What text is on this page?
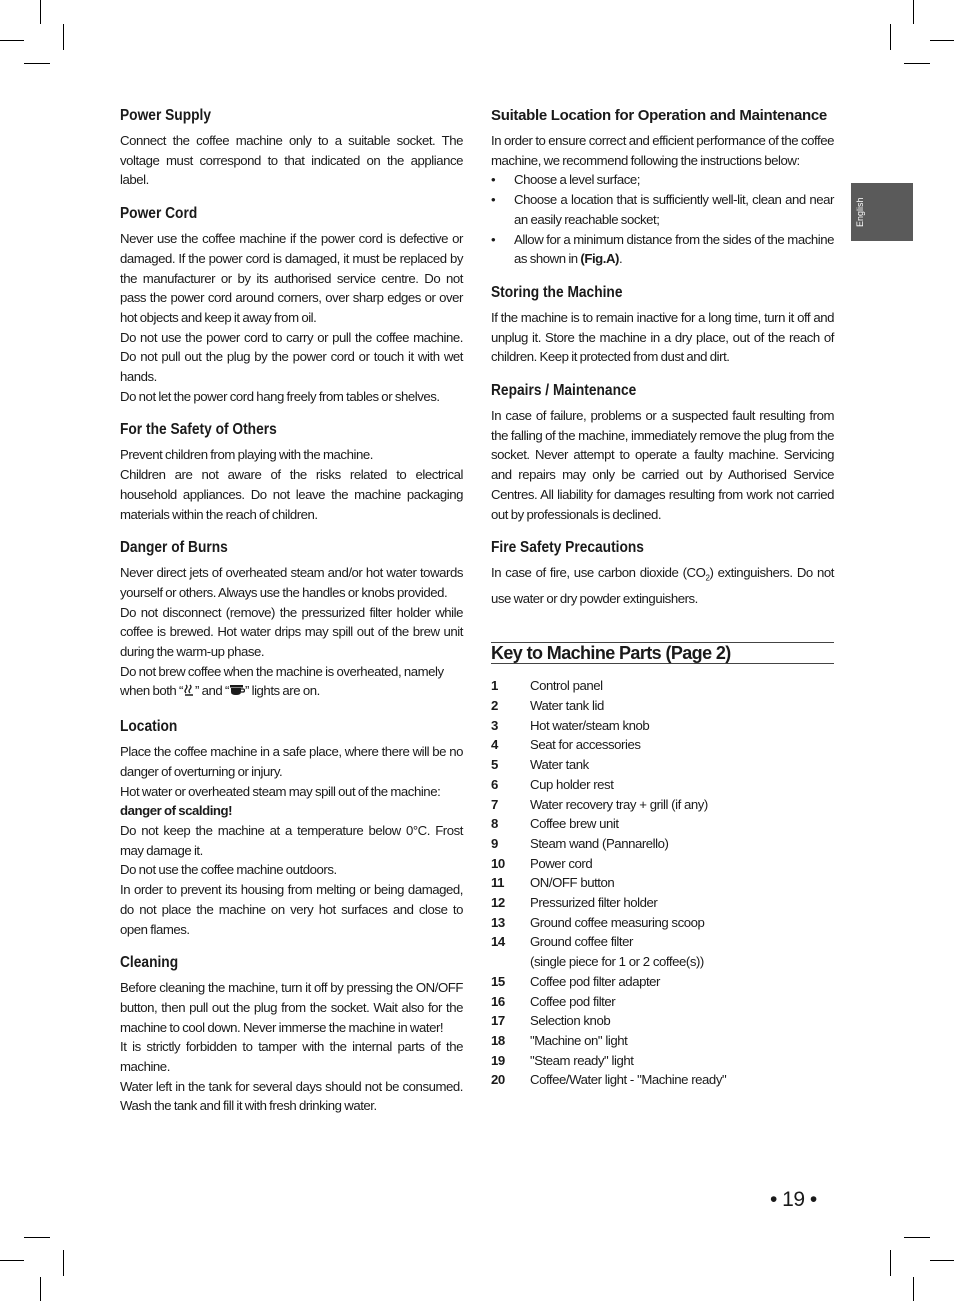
English
Power Supply

Connect the coffee machine only to a suitable socket. The voltage must correspond to that indicated on the appliance label.

Power Cord

Never use the coffee machine if the power cord is defective or damaged. If the power cord is damaged, it must be replaced by the manufacturer or by its authorised service centre. Do not pass the power cord around corners, over sharp edges or over hot objects and keep it away from oil.

Do not use the power cord to carry or pull the coffee machine. Do not pull out the plug by the power cord or touch it with wet hands.

Do not let the power cord hang freely from tables or shelves.

For the Safety of Others

Prevent children from playing with the machine.

Children are not aware of the risks related to electrical household appliances. Do not leave the machine packaging materials within the reach of children.

Danger of Burns

Never direct jets of overheated steam and/or hot water towards yourself or others. Always use the handles or knobs provided.

Do not disconnect (remove) the pressurized filter holder while coffee is brewed. Hot water drips may spill out of the brew unit during the warm-up phase.

Do not brew coffee when the machine is overheated, namely when both “ ” and “ ” lights are on.

Location

Place the coffee machine in a safe place, where there will be no danger of overturning or injury.

Hot water or overheated steam may spill out of the machine:

danger of scalding!

Do not keep the machine at a temperature below 0°C. Frost may damage it.

Do not use the coffee machine outdoors.

In order to prevent its housing from melting or being damaged, do not place the machine on very hot surfaces and close to open flames.

Cleaning

Before cleaning the machine, turn it off by pressing the ON/OFF button, then pull out the plug from the socket. Wait also for the machine to cool down. Never immerse the machine in water!

It is strictly forbidden to tamper with the internal parts of the machine.

Water left in the tank for several days should not be consumed. Wash the tank and fill it with fresh drinking water.

Suitable Location for Operation and Maintenance

In order to ensure correct and efficient performance of the coffee machine, we recommend following the instructions below:

• Choose a level surface;
• Choose a location that is sufficiently well-lit, clean and near an easily reachable socket;
• Allow for a minimum distance from the sides of the machine as shown in (Fig.A).
Storing the Machine

If the machine is to remain inactive for a long time, turn it off and unplug it. Store the machine in a dry place, out of the reach of children. Keep it protected from dust and dirt.

Repairs / Maintenance

In case of failure, problems or a suspected fault resulting from the falling of the machine, immediately remove the plug from the socket. Never attempt to operate a faulty machine. Servicing and repairs may only be carried out by Authorised Service Centres. All liability for damages resulting from work not carried out by professionals is declined.

Fire Safety Precautions

In case of fire, use carbon dioxide $(CO_2)$ extinguishers. Do not use water or dry powder extinguishers.

Key to Machine Parts (Page 2)
1	Control panel
2	Water tank lid
3	Hot water/steam knob
4	Seat for accessories
5	Water tank
6	Cup holder rest
7	Water recovery tray + grill (if any)
8	Coffee brew unit
9	Steam wand (Pannarello)
10	Power cord
11	ON/OFF button
12	Pressurized filter holder
13	Ground coffee measuring scoop
14	Ground coffee filter
(single piece for 1 or 2 coffee(s))
15	Coffee pod filter adapter
16	Coffee pod filter
17	Selection knob
18	"Machine on" light
19	"Steam ready" light
20	Coffee/Water light - "Machine ready"
• 19 •
